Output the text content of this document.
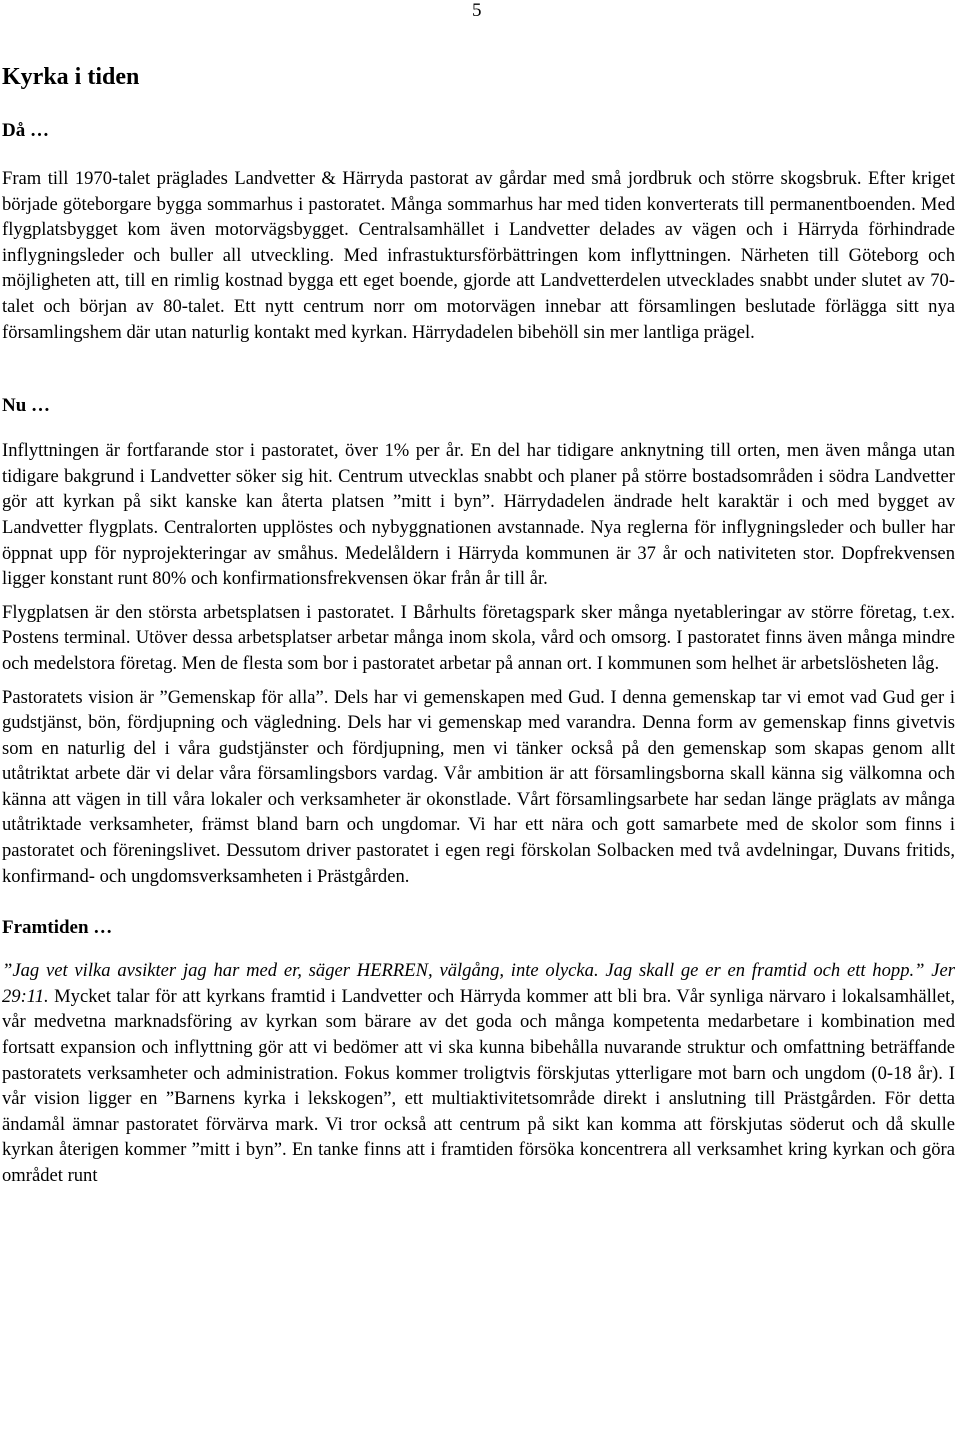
5
Kyrka i tiden
Då …

Fram till 1970-talet präglades Landvetter & Härryda pastorat av gårdar med små jordbruk och större skogsbruk. Efter kriget började göteborgare bygga sommarhus i pastoratet. Många sommarhus har med tiden konverterats till permanentboenden. Med flygplatsbygget kom även motorvägsbygget. Centralsamhället i Landvetter delades av vägen och i Härryda förhindrade inflygningsleder och buller all utveckling. Med infrastuktursförbättringen kom inflyttningen. Närheten till Göteborg och möjligheten att, till en rimlig kostnad bygga ett eget boende, gjorde att Landvetterdelen utvecklades snabbt under slutet av 70-talet och början av 80-talet. Ett nytt centrum norr om motorvägen innebar att församlingen beslutade förlägga sitt nya församlingshem där utan naturlig kontakt med kyrkan. Härrydadelen bibehöll sin mer lantliga prägel.

Nu …

Inflyttningen är fortfarande stor i pastoratet, över 1% per år. En del har tidigare anknytning till orten, men även många utan tidigare bakgrund i Landvetter söker sig hit. Centrum utvecklas snabbt och planer på större bostadsområden i södra Landvetter gör att kyrkan på sikt kanske kan återta platsen ”mitt i byn”. Härrydadelen ändrade helt karaktär i och med bygget av Landvetter flygplats. Centralorten upplöstes och nybyggnationen avstannade. Nya reglerna för inflygningsleder och buller har öppnat upp för nyprojekteringar av småhus. Medelåldern i Härryda kommunen är 37 år och nativiteten stor. Dopfrekvensen ligger konstant runt 80% och konfirmationsfrekvensen ökar från år till år.

Flygplatsen är den största arbetsplatsen i pastoratet. I Bårhults företagspark sker många nyetableringar av större företag, t.ex. Postens terminal. Utöver dessa arbetsplatser arbetar många inom skola, vård och omsorg. I pastoratet finns även många mindre och medelstora företag. Men de flesta som bor i pastoratet arbetar på annan ort. I kommunen som helhet är arbetslösheten låg.

Pastoratets vision är ”Gemenskap för alla”. Dels har vi gemenskapen med Gud. I denna gemenskap tar vi emot vad Gud ger i gudstjänst, bön, fördjupning och vägledning. Dels har vi gemenskap med varandra. Denna form av gemenskap finns givetvis som en naturlig del i våra gudstjänster och fördjupning, men vi tänker också på den gemenskap som skapas genom allt utåtriktat arbete där vi delar våra församlingsbors vardag. Vår ambition är att församlingsborna skall känna sig välkomna och känna att vägen in till våra lokaler och verksamheter är okonstlade. Vårt församlingsarbete har sedan länge präglats av många utåtriktade verksamheter, främst bland barn och ungdomar. Vi har ett nära och gott samarbete med de skolor som finns i pastoratet och föreningslivet. Dessutom driver pastoratet i egen regi förskolan Solbacken med två avdelningar, Duvans fritids, konfirmand- och ungdomsverksamheten i Prästgården.

Framtiden …

”Jag vet vilka avsikter jag har med er, säger HERREN, välgång, inte olycka. Jag skall ge er en framtid och ett hopp.” Jer 29:11. Mycket talar för att kyrkans framtid i Landvetter och Härryda kommer att bli bra. Vår synliga närvaro i lokalsamhället, vår medvetna marknadsföring av kyrkan som bärare av det goda och många kompetenta medarbetare i kombination med fortsatt expansion och inflyttning gör att vi bedömer att vi ska kunna bibehålla nuvarande struktur och omfattning beträffande pastoratets verksamheter och administration. Fokus kommer troligtvis förskjutas ytterligare mot barn och ungdom (0-18 år). I vår vision ligger en ”Barnens kyrka i lekskogen”, ett multiaktivitetsområde direkt i anslutning till Prästgården. För detta ändamål ämnar pastoratet förvärva mark. Vi tror också att centrum på sikt kan komma att förskjutas söderut och då skulle kyrkan återigen kommer ”mitt i byn”. En tanke finns att i framtiden försöka koncentrera all verksamhet kring kyrkan och göra området runt
